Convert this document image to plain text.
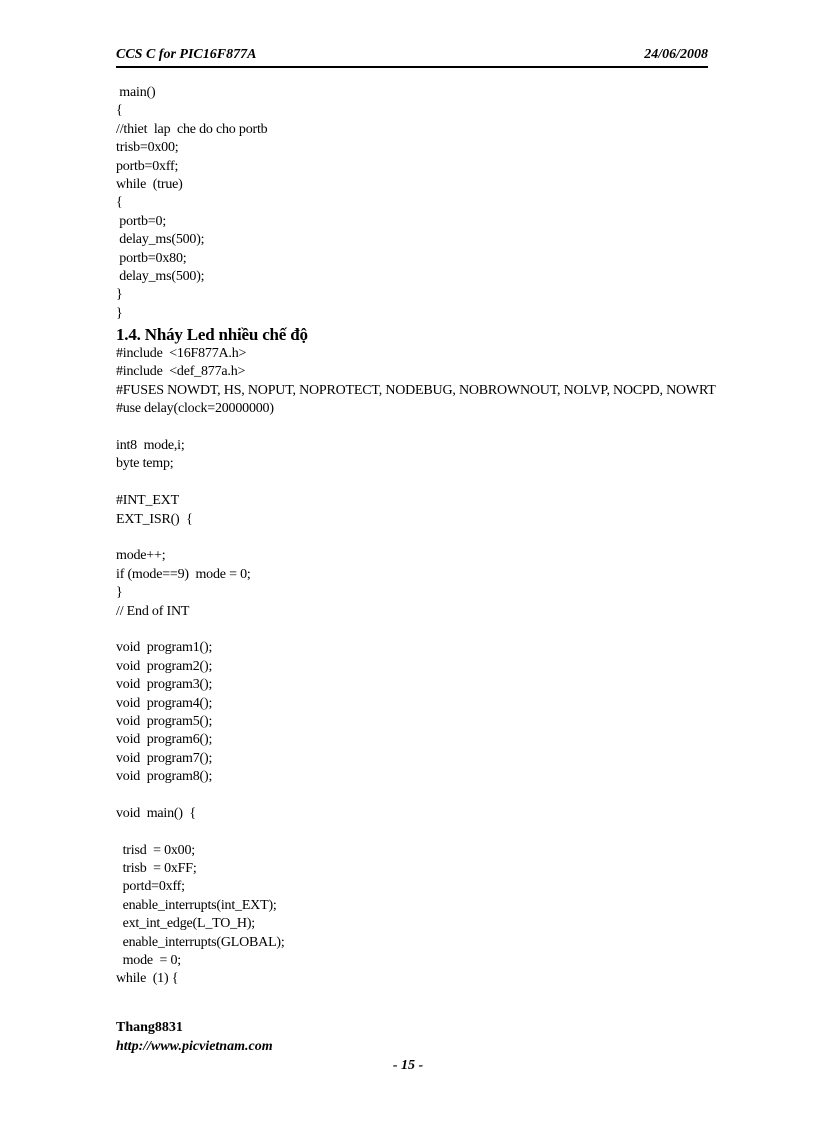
CCS C for PIC16F877A	24/06/2008
main()
{
//thiet  lap  che do cho portb
trisb=0x00;
portb=0xff;
while  (true)
{
portb=0;
delay_ms(500);
portb=0x80;
delay_ms(500);
}
}
1.4. Nháy Led nhiều chế độ
#include  <16F877A.h>
#include  <def_877a.h>
#FUSES NOWDT, HS, NOPUT, NOPROTECT, NODEBUG, NOBROWNOUT, NOLVP, NOCPD, NOWRT
#use delay(clock=20000000)
int8  mode,i;
byte temp;
#INT_EXT
EXT_ISR()  {
mode++;
if (mode==9)  mode = 0;
}
// End of INT
void  program1();
void  program2();
void  program3();
void  program4();
void  program5();
void  program6();
void  program7();
void  program8();
void  main()  {
trisd  = 0x00;
trisb  = 0xFF;
portd=0xff;
enable_interrupts(int_EXT);
ext_int_edge(L_TO_H);
enable_interrupts(GLOBAL);
mode  = 0;
while  (1) {
Thang8831
http://www.picvietnam.com
- 15 -
